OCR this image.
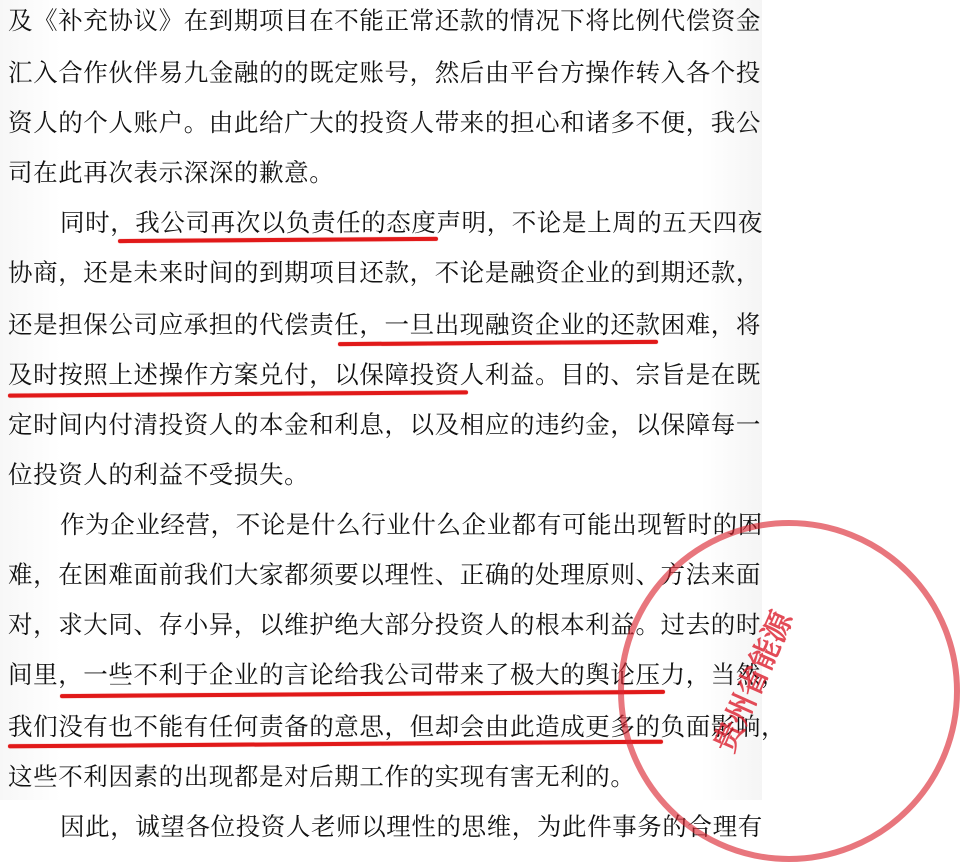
及《补充协议》在到期项目在不能正常还款的情况下将比例代偿资金
汇入合作伙伴易九金融的的既定账号，然后由平台方操作转入各个投
资人的个人账户。由此给广大的投资人带来的担心和诸多不便，我公
司在此再次表示深深的歉意。
同时，我公司再次以负责任的态度声明，不论是上周的五天四夜
协商，还是未来时间的到期项目还款，不论是融资企业的到期还款，
还是担保公司应承担的代偿责任，一旦出现融资企业的还款困难，将
及时按照上述操作方案兑付，以保障投资人利益。目的、宗旨是在既
定时间内付清投资人的本金和利息，以及相应的违约金，以保障每一
位投资人的利益不受损失。
作为企业经营，不论是什么行业什么企业都有可能出现暂时的困
难，在困难面前我们大家都须要以理性、正确的处理原则、方法来面
对，求大同、存小异，以维护绝大部分投资人的根本利益。过去的时
间里，一些不利于企业的言论给我公司带来了极大的舆论压力，当然，
我们没有也不能有任何责备的意思，但却会由此造成更多的负面影响，
这些不利因素的出现都是对后期工作的实现有害无利的。
因此，诚望各位投资人老师以理性的思维，为此件事务的合理有
贵州省能源
